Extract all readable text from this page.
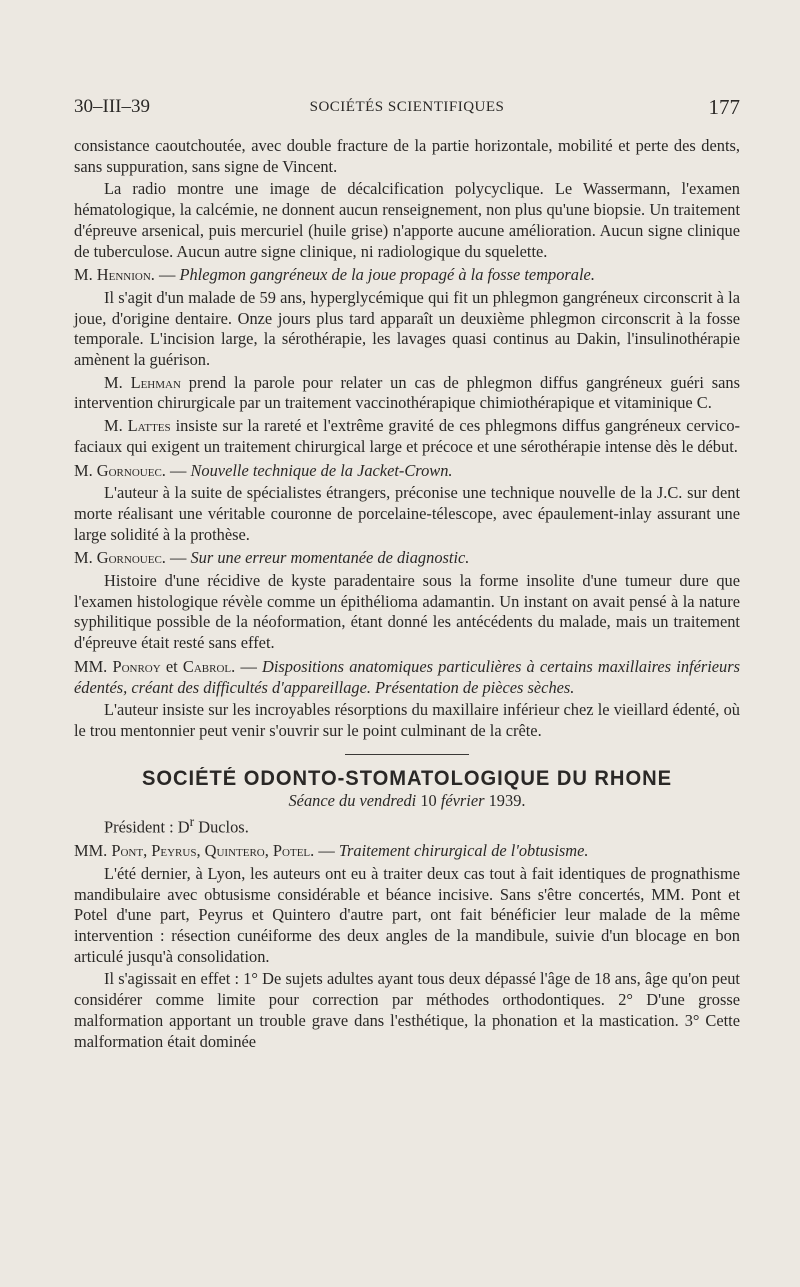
30–III–39	SOCIÉTÉS SCIENTIFIQUES	177

consistance caoutchoutée, avec double fracture de la partie horizontale, mobilité et perte des dents, sans suppuration, sans signe de Vincent.

La radio montre une image de décalcification polycyclique. Le Wassermann, l'examen hématologique, la calcémie, ne donnent aucun renseignement, non plus qu'une biopsie. Un traitement d'épreuve arsenical, puis mercuriel (huile grise) n'apporte aucune amélioration. Aucun signe clinique de tuberculose. Aucun autre signe clinique, ni radiologique du squelette.

M. Hennion. — Phlegmon gangréneux de la joue propagé à la fosse temporale.

Il s'agit d'un malade de 59 ans, hyperglycémique qui fit un phlegmon gangréneux circonscrit à la joue, d'origine dentaire. Onze jours plus tard apparaît un deuxième phlegmon circonscrit à la fosse temporale. L'incision large, la sérothérapie, les lavages quasi continus au Dakin, l'insulinothérapie amènent la guérison.

M. Lehman prend la parole pour relater un cas de phlegmon diffus gangréneux guéri sans intervention chirurgicale par un traitement vaccinothérapique chimiothérapique et vitaminique C.

M. Lattes insiste sur la rareté et l'extrême gravité de ces phlegmons diffus gangréneux cervico-faciaux qui exigent un traitement chirurgical large et précoce et une sérothérapie intense dès le début.

M. Gornouec. — Nouvelle technique de la Jacket-Crown.

L'auteur à la suite de spécialistes étrangers, préconise une technique nouvelle de la J.C. sur dent morte réalisant une véritable couronne de porcelaine-télescope, avec épaulement-inlay assurant une large solidité à la prothèse.

M. Gornouec. — Sur une erreur momentanée de diagnostic.

Histoire d'une récidive de kyste paradentaire sous la forme insolite d'une tumeur dure que l'examen histologique révèle comme un épithélioma adamantin. Un instant on avait pensé à la nature syphilitique possible de la néoformation, étant donné les antécédents du malade, mais un traitement d'épreuve était resté sans effet.

MM. Ponroy et Cabrol. — Dispositions anatomiques particulières à certains maxillaires inférieurs édentés, créant des difficultés d'appareillage. Présentation de pièces sèches.

L'auteur insiste sur les incroyables résorptions du maxillaire inférieur chez le vieillard édenté, où le trou mentonnier peut venir s'ouvrir sur le point culminant de la crête.

SOCIÉTÉ ODONTO-STOMATOLOGIQUE DU RHONE

Séance du vendredi 10 février 1939.

Président : $D^r$ Duclos.

MM. Pont, Peyrus, Quintero, Potel. — Traitement chirurgical de l'obtusisme.

L'été dernier, à Lyon, les auteurs ont eu à traiter deux cas tout à fait identiques de prognathisme mandibulaire avec obtusisme considérable et béance incisive. Sans s'être concertés, MM. Pont et Potel d'une part, Peyrus et Quintero d'autre part, ont fait bénéficier leur malade de la même intervention : résection cunéiforme des deux angles de la mandibule, suivie d'un blocage en bon articulé jusqu'à consolidation.

Il s'agissait en effet : 1° De sujets adultes ayant tous deux dépassé l'âge de 18 ans, âge qu'on peut considérer comme limite pour correction par méthodes orthodontiques. 2° D'une grosse malformation apportant un trouble grave dans l'esthétique, la phonation et la mastication. 3° Cette malformation était dominée
